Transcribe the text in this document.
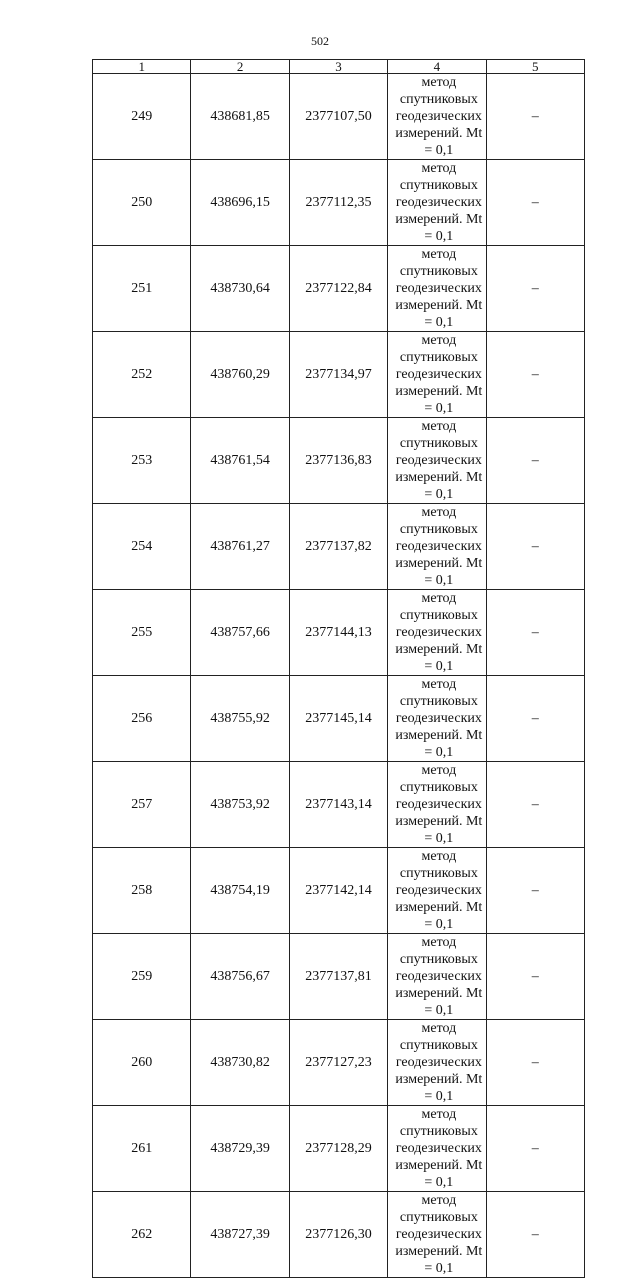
502
1	2	3	4	5
249	438681,85	2377107,50	метод спутниковых
геодезических
измерений. Mt = 0,1	–
250	438696,15	2377112,35	метод спутниковых
геодезических
измерений. Mt = 0,1	–
251	438730,64	2377122,84	метод спутниковых
геодезических
измерений. Mt = 0,1	–
252	438760,29	2377134,97	метод спутниковых
геодезических
измерений. Mt = 0,1	–
253	438761,54	2377136,83	метод спутниковых
геодезических
измерений. Mt = 0,1	–
254	438761,27	2377137,82	метод спутниковых
геодезических
измерений. Mt = 0,1	–
255	438757,66	2377144,13	метод спутниковых
геодезических
измерений. Mt = 0,1	–
256	438755,92	2377145,14	метод спутниковых
геодезических
измерений. Mt = 0,1	–
257	438753,92	2377143,14	метод спутниковых
геодезических
измерений. Mt = 0,1	–
258	438754,19	2377142,14	метод спутниковых
геодезических
измерений. Mt = 0,1	–
259	438756,67	2377137,81	метод спутниковых
геодезических
измерений. Mt = 0,1	–
260	438730,82	2377127,23	метод спутниковых
геодезических
измерений. Mt = 0,1	–
261	438729,39	2377128,29	метод спутниковых
геодезических
измерений. Mt = 0,1	–
262	438727,39	2377126,30	метод спутниковых
геодезических
измерений. Mt = 0,1	–
